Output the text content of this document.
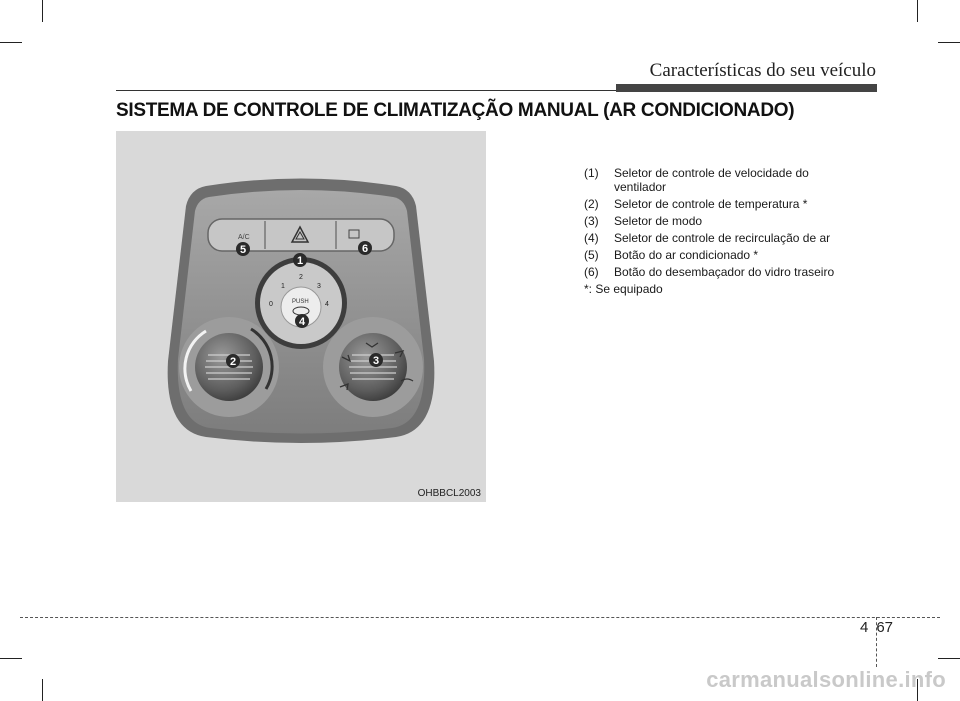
Características do seu veículo
SISTEMA DE CONTROLE DE CLIMATIZAÇÃO MANUAL (AR CONDICIONADO)
A/C
PUSH
0
1
2
3
4
5	6
1
4
2	3
OHBBCL2003
(1)	Seletor de controle de velocidade do ventilador
(2)	Seletor de controle de temperatura *
(3)	Seletor de modo
(4)	Seletor de controle de recirculação de ar
(5)	Botão do ar condicionado *
(6)	Botão do desembaçador do vidro traseiro
*: Se equipado
4 67
carmanualsonline.info
